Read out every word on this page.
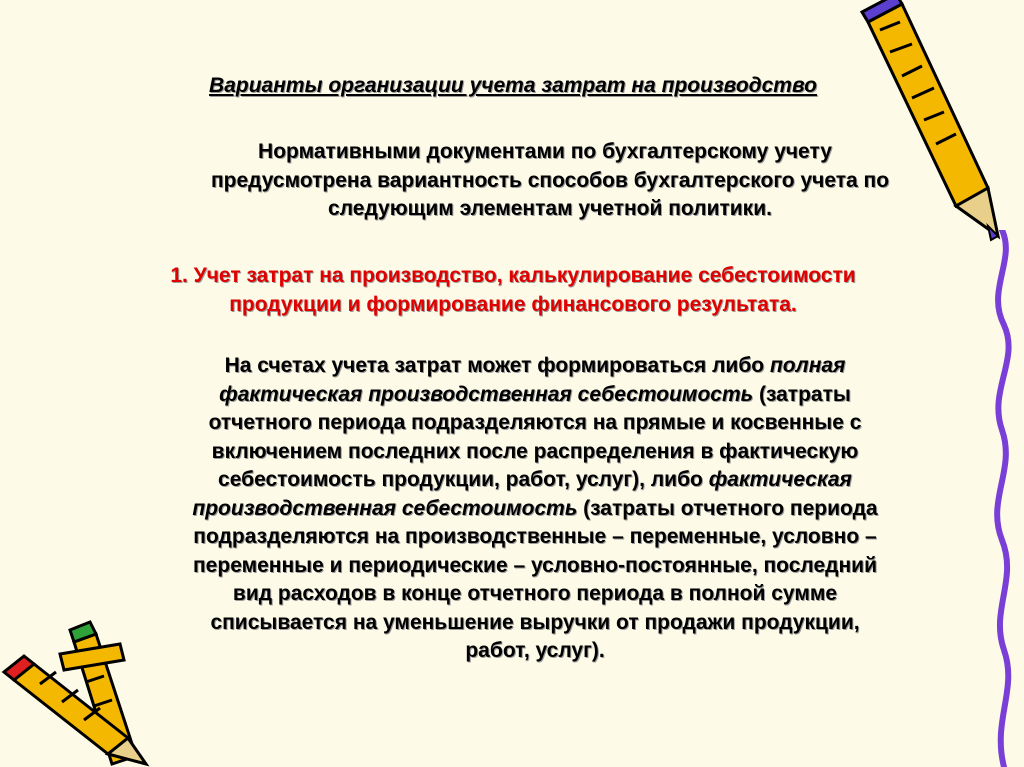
Варианты организации учета затрат на производство

Нормативными документами по бухгалтерскому учету
предусмотрена вариантность способов бухгалтерского учета по
следующим элементам учетной политики.

1. Учет затрат на производство, калькулирование себестоимости
продукции и формирование финансового результата.

На счетах учета затрат может формироваться либо полная
фактическая производственная себестоимость (затраты
отчетного периода подразделяются на прямые и косвенные с
включением последних после распределения в фактическую
себестоимость продукции, работ, услуг), либо фактическая
производственная себестоимость (затраты отчетного периода
подразделяются на производственные – переменные, условно –
переменные и периодические – условно-постоянные, последний
вид расходов в конце отчетного периода в полной сумме
списывается на уменьшение выручки от продажи продукции,
работ, услуг).
